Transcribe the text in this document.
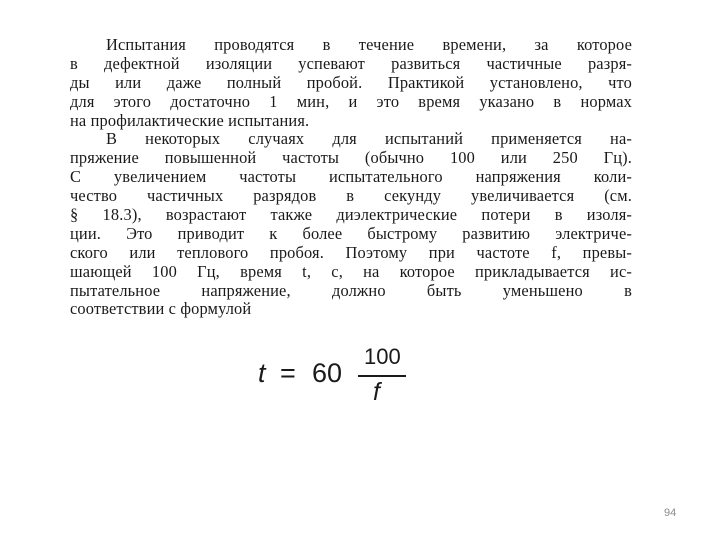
Испытания проводятся в течение времени, за которое
в дефектной изоляции успевают развиться частичные разря-
ды или даже полный пробой. Практикой установлено, что
для этого достаточно 1 мин, и это время указано в нормах
на профилактические испытания.
В некоторых случаях для испытаний применяется на-
пряжение повышенной частоты (обычно 100 или 250 Гц).
С увеличением частоты испытательного напряжения коли-
чество частичных разрядов в секунду увеличивается (см.
§ 18.3), возрастают также диэлектрические потери в изоля-
ции. Это приводит к более быстрому развитию электриче-
ского или теплового пробоя. Поэтому при частоте f, превы-
шающей 100 Гц, время t, с, на которое прикладывается ис-
пытательное напряжение, должно быть уменьшено в
соответствии с формулой
t = 60
100
f
94
